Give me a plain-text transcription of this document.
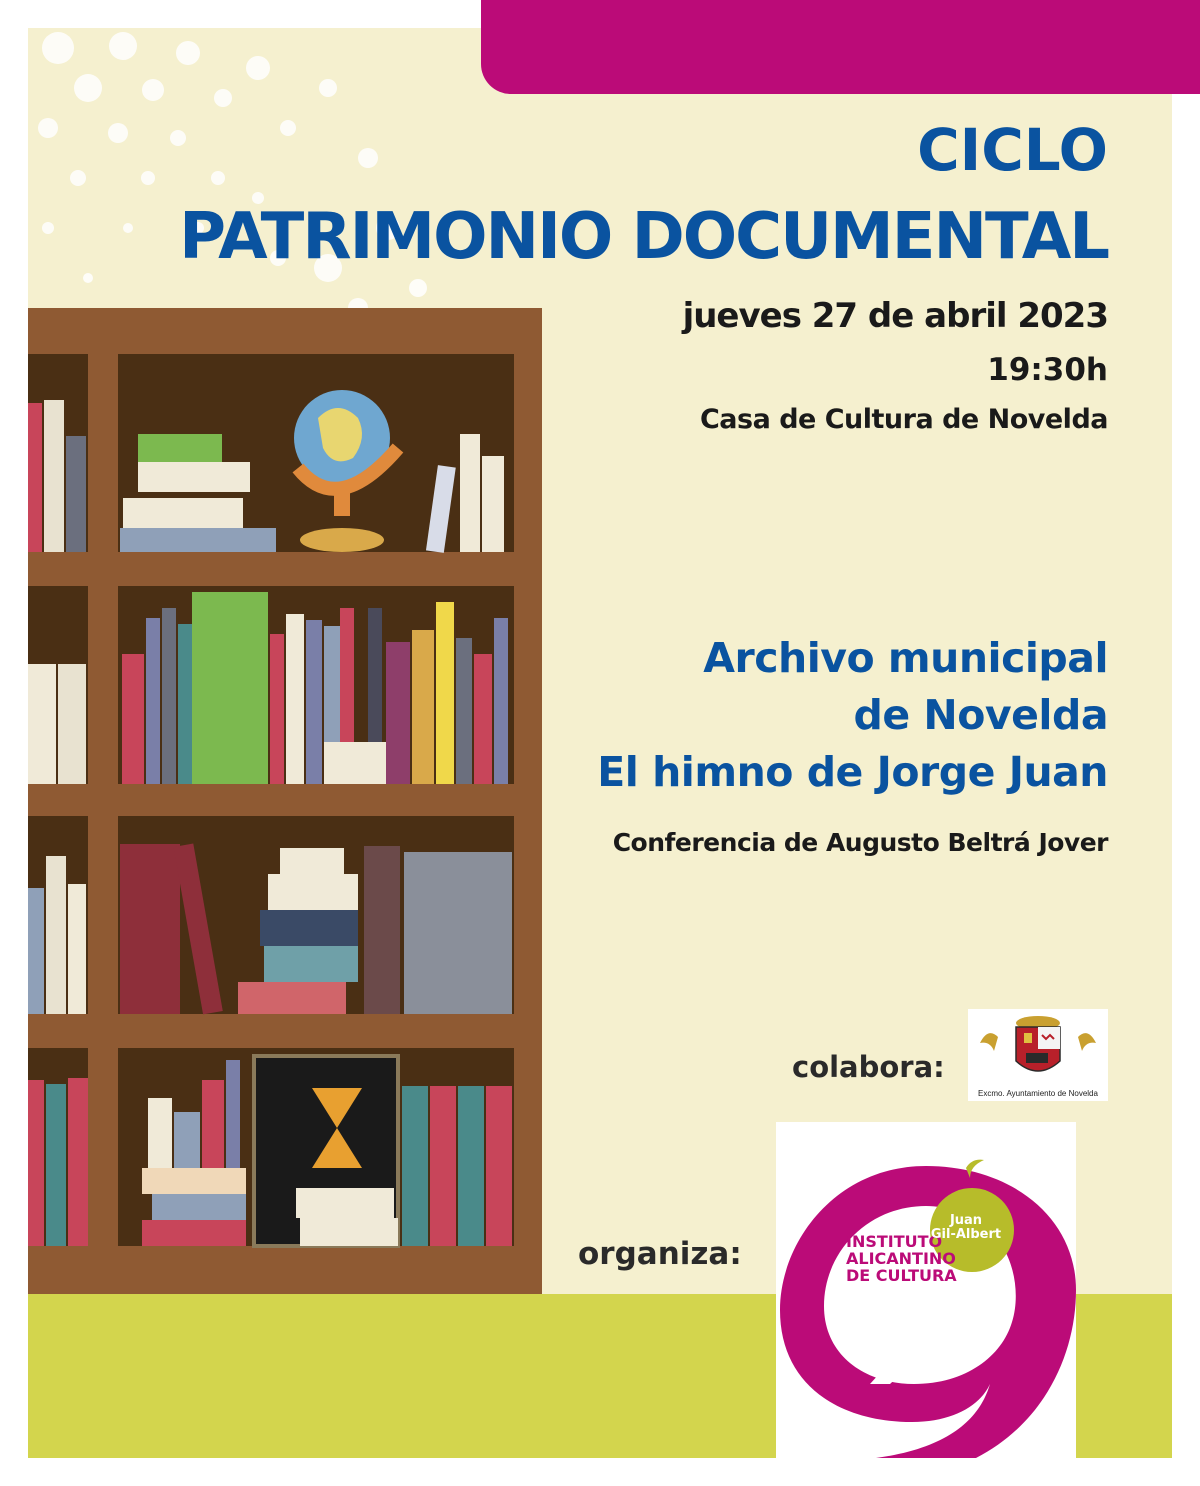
CICLO
PATRIMONIO DOCUMENTAL

jueves 27 de abril 2023

19:30h

Casa de Cultura de Novelda

Archivo municipal
de Novelda
El himno de Jorge Juan

Conferencia de Augusto Beltrá Jover

colabora:
Excmo. Ayuntamiento de Novelda
organiza:	INSTITUTO
ALICANTINO
DE CULTURA
Juan
Gil-Albert
